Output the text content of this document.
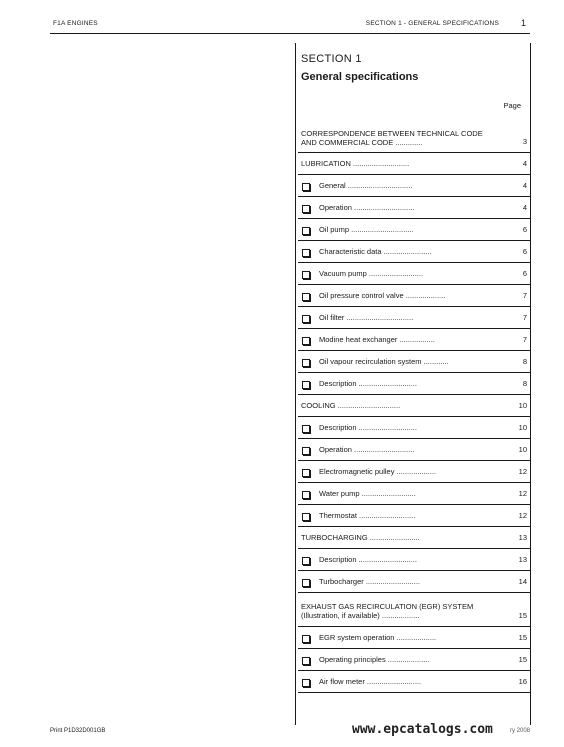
F1A ENGINES	SECTION 1 - GENERAL SPECIFICATIONS 1
SECTION 1
General specifications
Page
CORRESPONDENCE BETWEEN TECHNICAL CODE
AND COMMERCIAL CODE .............	3
LUBRICATION ...........................	4
General ...............................	4
Operation .............................	4
Oil pump ..............................	6
Characteristic data .......................	6
Vacuum pump ..........................	6
Oil pressure control valve ...................	7
Oil filter ................................	7
Modine heat exchanger .................	7
Oil vapour recirculation system ............	8
Description ............................	8
COOLING ..............................	10
Description ............................	10
Operation .............................	10
Electromagnetic pulley ...................	12
Water pump ..........................	12
Thermostat ...........................	12
TURBOCHARGING ........................	13
Description ............................	13
Turbocharger ..........................	14
EXHAUST GAS RECIRCULATION (EGR) SYSTEM
(Illustration, if available) ..................	15
EGR system operation ...................	15
Operating principles ....................	15
Air flow meter ..........................	16
Print P1D32D001GB	www.epcatalogs.com	ry 2008
